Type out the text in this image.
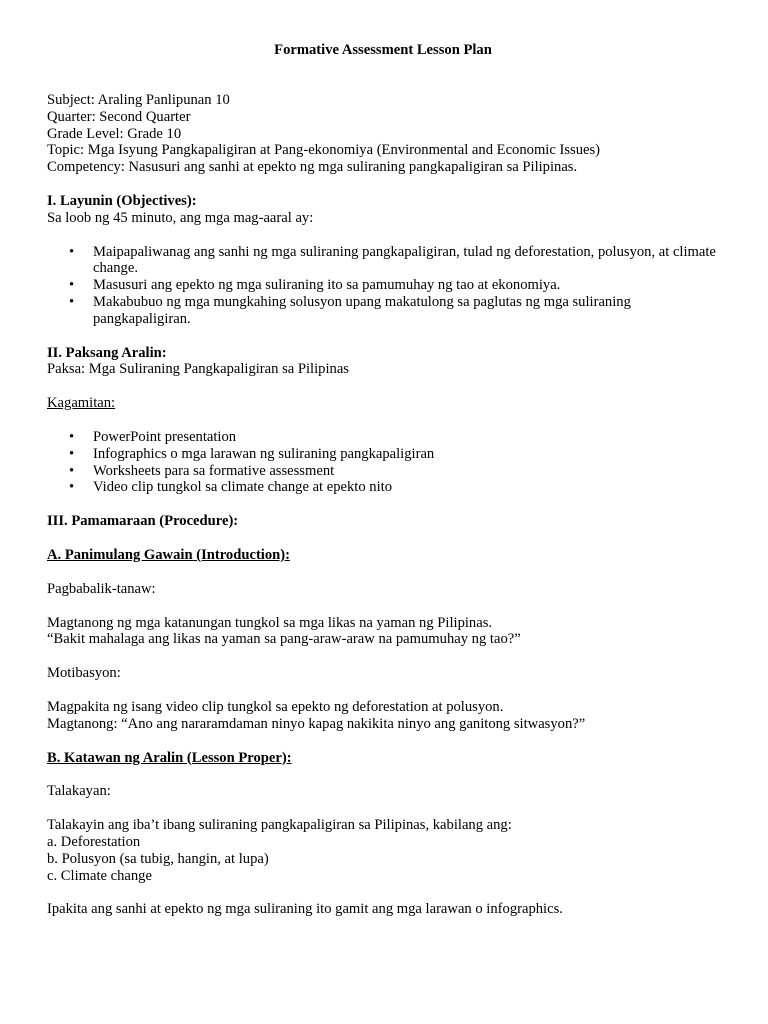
Formative Assessment Lesson Plan

Subject: Araling Panlipunan 10

Quarter: Second Quarter

Grade Level: Grade 10

Topic: Mga Isyung Pangkapaligiran at Pang-ekonomiya (Environmental and Economic Issues)

Competency: Nasusuri ang sanhi at epekto ng mga suliraning pangkapaligiran sa Pilipinas.

I. Layunin (Objectives):

Sa loob ng 45 minuto, ang mga mag-aaral ay:

• Maipapaliwanag ang sanhi ng mga suliraning pangkapaligiran, tulad ng deforestation, polusyon, at climate change.
• Masusuri ang epekto ng mga suliraning ito sa pamumuhay ng tao at ekonomiya.
• Makabubuo ng mga mungkahing solusyon upang makatulong sa paglutas ng mga suliraning pangkapaligiran.

II. Paksang Aralin:

Paksa: Mga Suliraning Pangkapaligiran sa Pilipinas

Kagamitan:

• PowerPoint presentation
• Infographics o mga larawan ng suliraning pangkapaligiran
• Worksheets para sa formative assessment
• Video clip tungkol sa climate change at epekto nito

III. Pamamaraan (Procedure):

A. Panimulang Gawain (Introduction):

Pagbabalik-tanaw:

Magtanong ng mga katanungan tungkol sa mga likas na yaman ng Pilipinas.

“Bakit mahalaga ang likas na yaman sa pang-araw-araw na pamumuhay ng tao?”

Motibasyon:

Magpakita ng isang video clip tungkol sa epekto ng deforestation at polusyon.

Magtanong: “Ano ang nararamdaman ninyo kapag nakikita ninyo ang ganitong sitwasyon?”

B. Katawan ng Aralin (Lesson Proper):

Talakayan:

Talakayin ang iba’t ibang suliraning pangkapaligiran sa Pilipinas, kabilang ang:

a. Deforestation

b. Polusyon (sa tubig, hangin, at lupa)

c. Climate change

Ipakita ang sanhi at epekto ng mga suliraning ito gamit ang mga larawan o infographics.
